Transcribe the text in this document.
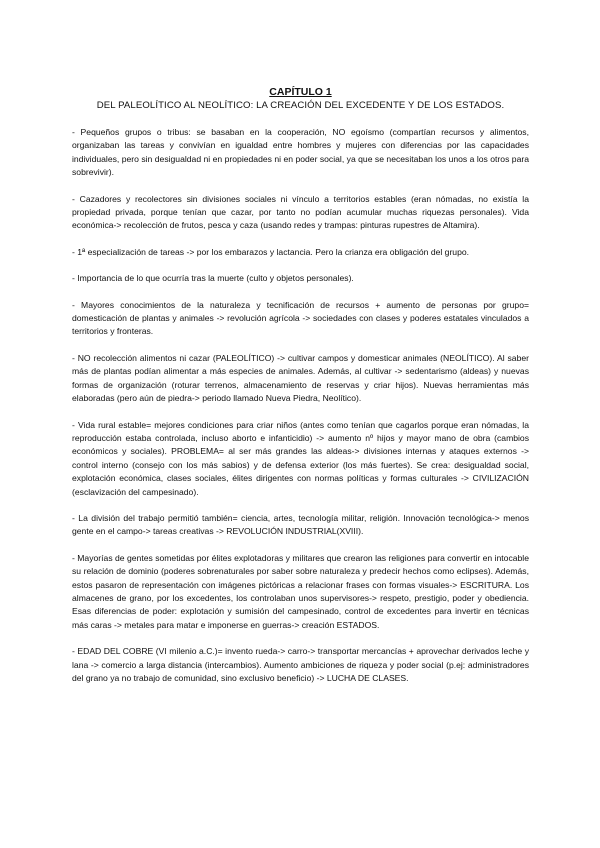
CAPÍTULO 1

DEL PALEOLÍTICO AL NEOLÍTICO: LA CREACIÓN DEL EXCEDENTE Y DE LOS ESTADOS.

- Pequeños grupos o tribus: se basaban en la cooperación, NO egoísmo (compartían recursos y alimentos, organizaban las tareas y convivían en igualdad entre hombres y mujeres con diferencias por las capacidades individuales, pero sin desigualdad ni en propiedades ni en poder social, ya que se necesitaban los unos a los otros para sobrevivir).

- Cazadores y recolectores sin divisiones sociales ni vínculo a territorios estables (eran nómadas, no existía la propiedad privada, porque tenían que cazar, por tanto no podían acumular muchas riquezas personales). Vida económica-> recolección de frutos, pesca y caza (usando redes y trampas: pinturas rupestres de Altamira).

- 1ª especialización de tareas -> por los embarazos y lactancia. Pero la crianza era obligación del grupo.

- Importancia de lo que ocurría tras la muerte (culto y objetos personales).

- Mayores conocimientos de la naturaleza y tecnificación de recursos + aumento de personas por grupo= domesticación de plantas y animales -> revolución agrícola -> sociedades con clases y poderes estatales vinculados a territorios y fronteras.

- NO recolección alimentos ni cazar (PALEOLÍTICO) -> cultivar campos y domesticar animales (NEOLÍTICO). Al saber más de plantas podían alimentar a más especies de animales. Además, al cultivar -> sedentarismo (aldeas) y nuevas formas de organización (roturar terrenos, almacenamiento de reservas y criar hijos). Nuevas herramientas más elaboradas (pero aún de piedra-> periodo llamado Nueva Piedra, Neolítico).

- Vida rural estable= mejores condiciones para criar niños (antes como tenían que cagarlos porque eran nómadas, la reproducción estaba controlada, incluso aborto e infanticidio) -> aumento nº hijos y mayor mano de obra (cambios económicos y sociales). PROBLEMA= al ser más grandes las aldeas-> divisiones internas y ataques externos -> control interno (consejo con los más sabios) y de defensa exterior (los más fuertes). Se crea: desigualdad social, explotación económica, clases sociales, élites dirigentes con normas políticas y formas culturales -> CIVILIZACIÓN (esclavización del campesinado).

- La división del trabajo permitió también= ciencia, artes, tecnología militar, religión. Innovación tecnológica-> menos gente en el campo-> tareas creativas -> REVOLUCIÓN INDUSTRIAL(XVIII).

- Mayorías de gentes sometidas por élites explotadoras y militares que crearon las religiones para convertir en intocable su relación de dominio (poderes sobrenaturales por saber sobre naturaleza y predecir hechos como eclipses). Además, estos pasaron de representación con imágenes pictóricas a relacionar frases con formas visuales-> ESCRITURA. Los almacenes de grano, por los excedentes, los controlaban unos supervisores-> respeto, prestigio, poder y obediencia. Esas diferencias de poder: explotación y sumisión del campesinado, control de excedentes para invertir en técnicas más caras -> metales para matar e imponerse en guerras-> creación ESTADOS.

- EDAD DEL COBRE (VI milenio a.C.)= invento rueda-> carro-> transportar mercancías + aprovechar derivados leche y lana -> comercio a larga distancia (intercambios). Aumento ambiciones de riqueza y poder social (p.ej: administradores del grano ya no trabajo de comunidad, sino exclusivo beneficio) -> LUCHA DE CLASES.
